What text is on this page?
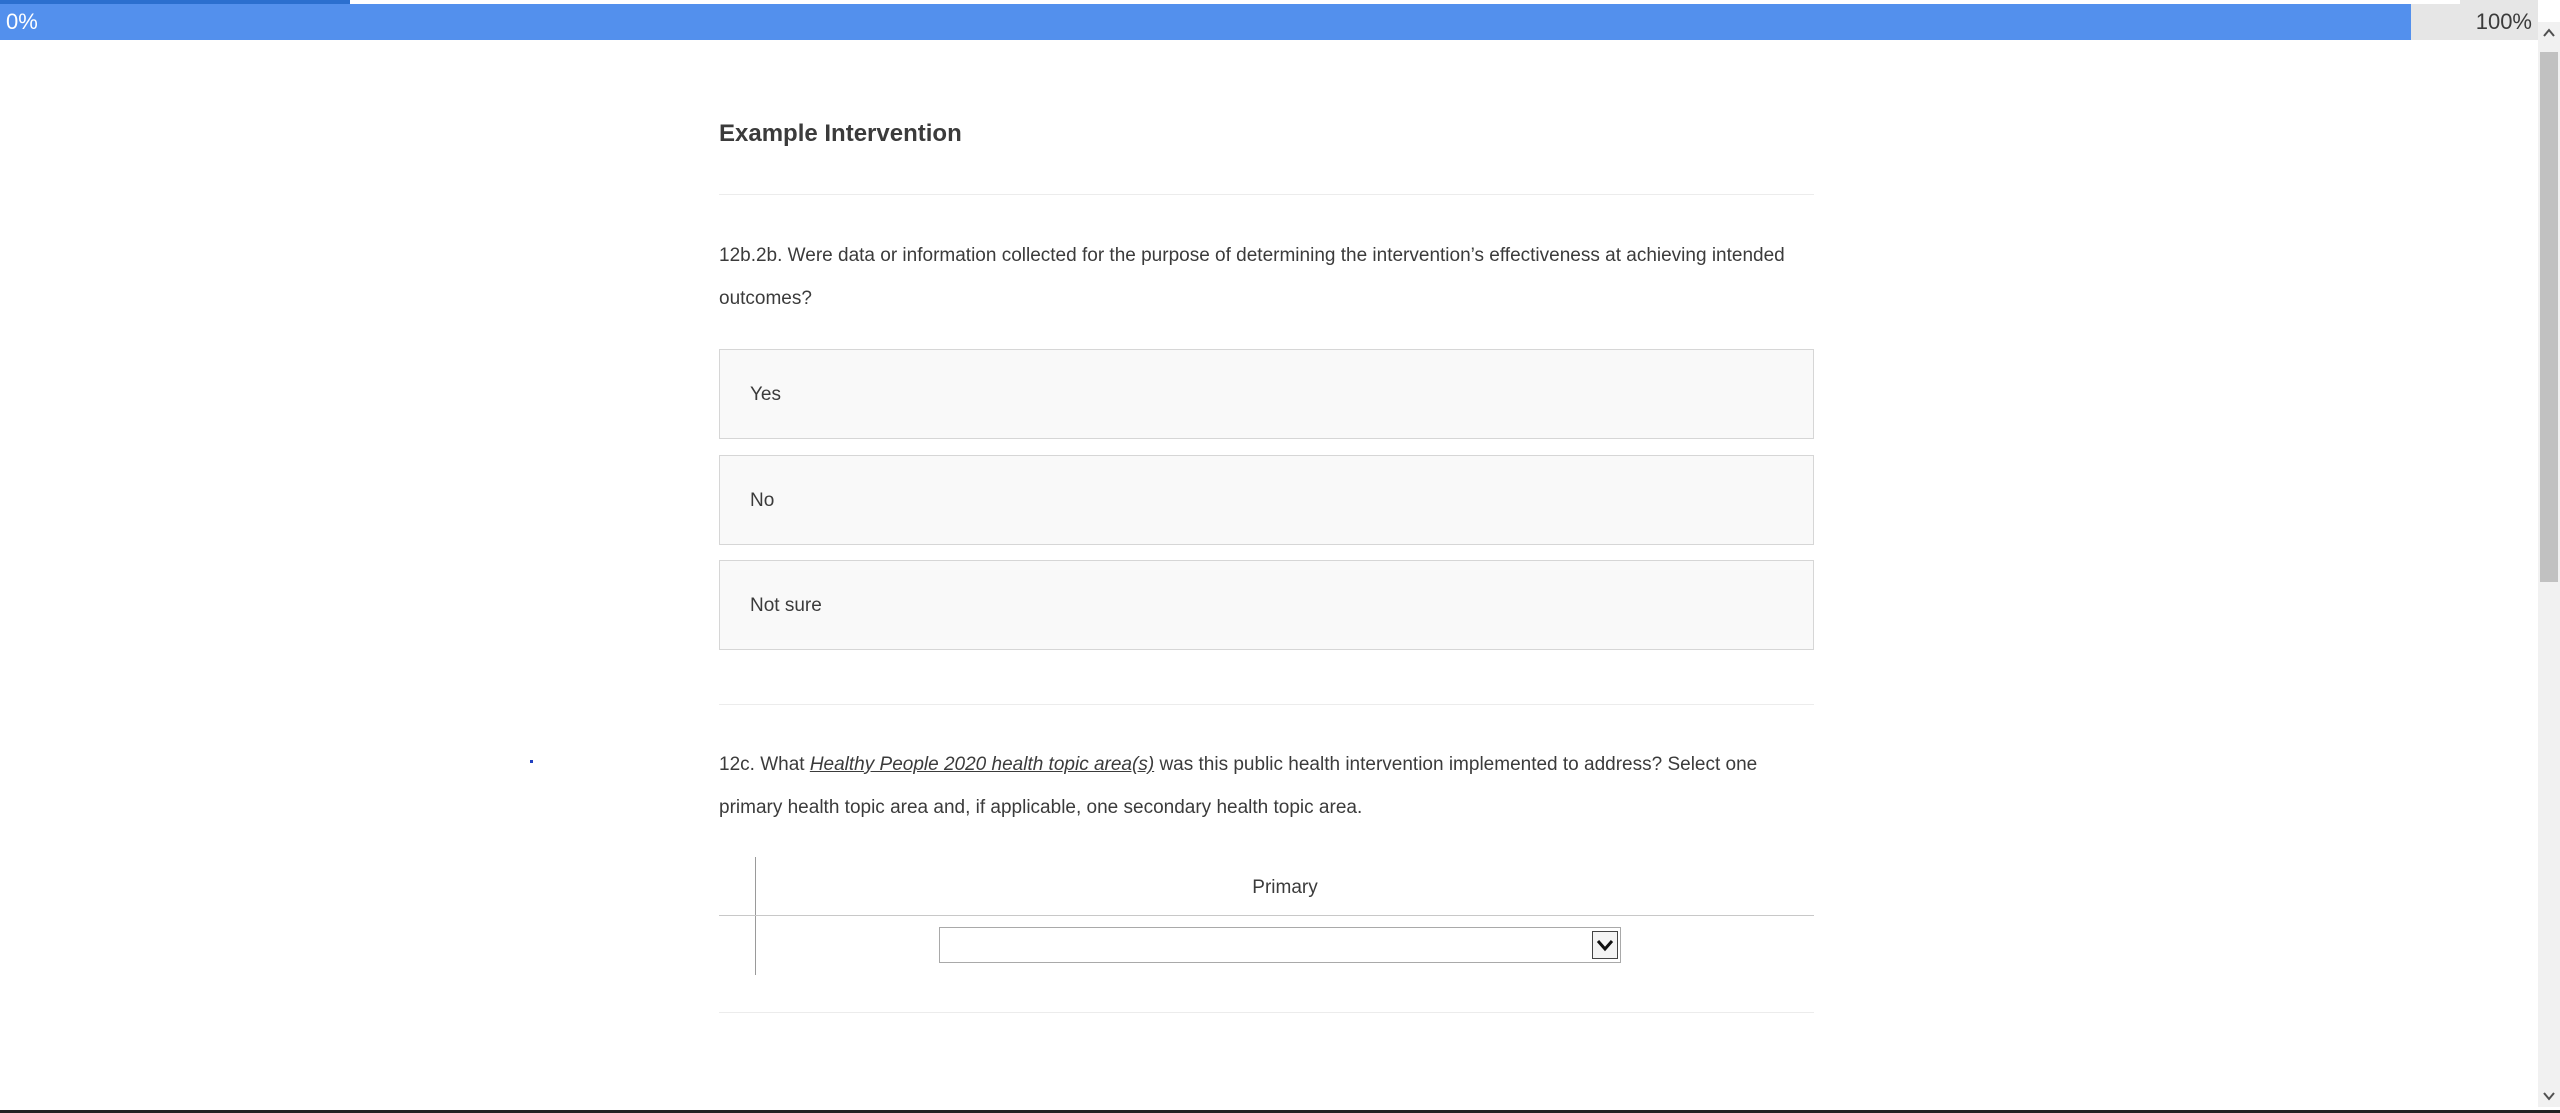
0%	100%
Example Intervention
12b.2b. Were data or information collected for the purpose of determining the intervention’s effectiveness at achieving intended outcomes?
Yes
No
Not sure
12c. What Healthy People 2020 health topic area(s) was this public health intervention implemented to address? Select one primary health topic area and, if applicable, one secondary health topic area.
Primary
